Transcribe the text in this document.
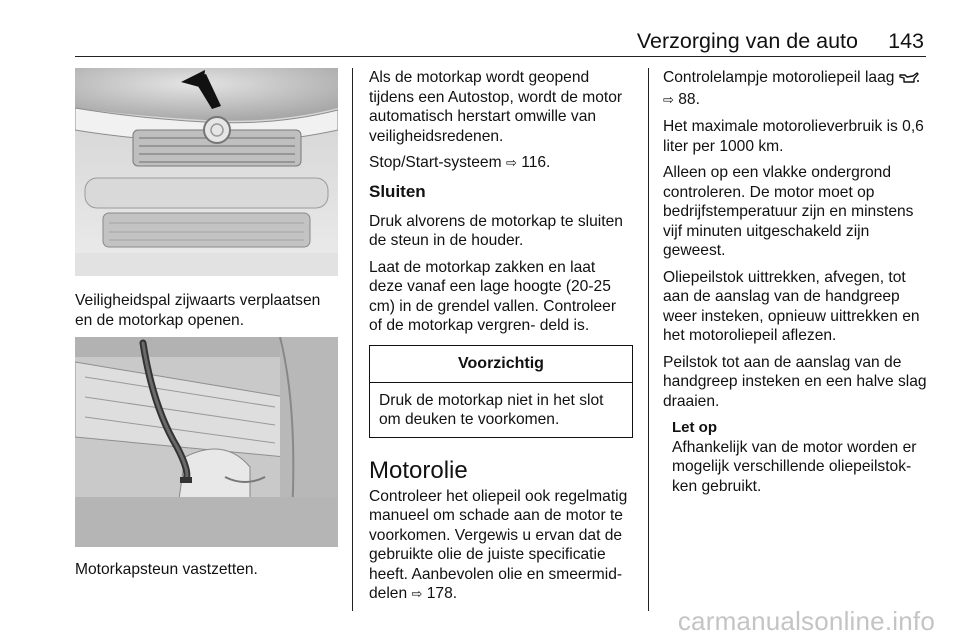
Verzorging van de auto	143

Veiligheidspal zijwaarts verplaatsen en de motorkap openen.

Motorkapsteun vastzetten.

Als de motorkap wordt geopend tijdens een Autostop, wordt de motor automatisch herstart omwille van veiligheidsredenen.

Stop/Start-systeem ⇨ 116.

Sluiten

Druk alvorens de motorkap te sluiten de steun in de houder.

Laat de motorkap zakken en laat deze vanaf een lage hoogte (20-25 cm) in de grendel vallen. Controleer of de motorkap vergren- deld is.

Voorzichtig
Druk de motorkap niet in het slot om deuken te voorkomen.

Motorolie

Controleer het oliepeil ook regelmatig manueel om schade aan de motor te voorkomen. Vergewis u ervan dat de gebruikte olie de juiste specificatie heeft. Aanbevolen olie en smeermid- delen ⇨ 178.

Controlelampje motoroliepeil laag
⇨ 88.

Het maximale motorolieverbruik is 0,6 liter per 1000 km.

Alleen op een vlakke ondergrond controleren. De motor moet op bedrijfstemperatuur zijn en minstens vijf minuten uitgeschakeld zijn geweest.

Oliepeilstok uittrekken, afvegen, tot aan de aanslag van de handgreep weer insteken, opnieuw uittrekken en het motoroliepeil aflezen.

Peilstok tot aan de aanslag van de handgreep insteken en een halve slag draaien.

Let op
Afhankelijk van de motor worden er mogelijk verschillende oliepeilstok- ken gebruikt.
carmanualsonline.info
